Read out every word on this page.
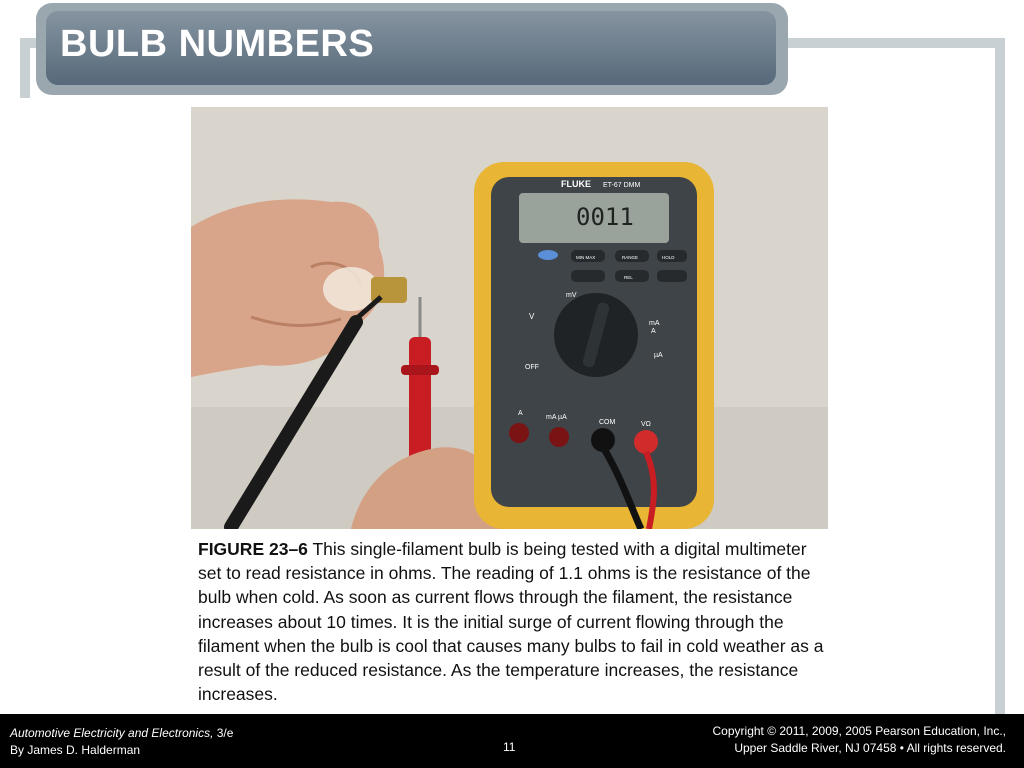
BULB NUMBERS
FLUKE ET-67 DMM
0011
MIN MAX	RANGE	HOLD
REL
V
mV
OFF
mA
A
µA
A
mA µA
COM	VΩ
FIGURE 23–6 This single-filament bulb is being tested with a digital multimeter set to read resistance in ohms. The reading of 1.1 ohms is the resistance of the bulb when cold. As soon as current flows through the filament, the resistance increases about 10 times. It is the initial surge of current flowing through the filament when the bulb is cool that causes many bulbs to fail in cold weather as a result of the reduced resistance. As the temperature increases, the resistance increases.
Automotive Electricity and Electronics, 3/e
By James D. Halderman	11
Copyright © 2011, 2009, 2005 Pearson Education, Inc.,
Upper Saddle River, NJ 07458 • All rights reserved.
